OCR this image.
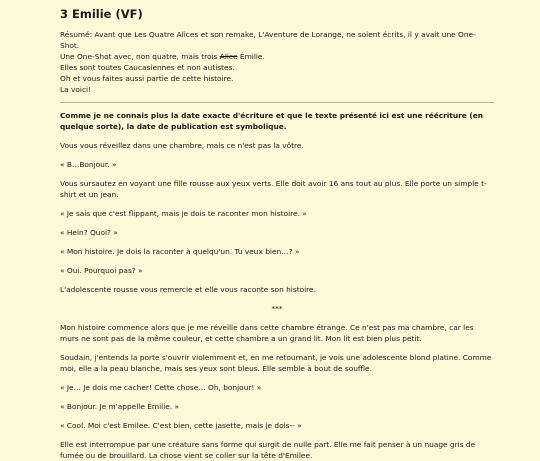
3 Emilie (VF)

Résumé: Avant que Les Quatre Alices et son remake, L'Aventure de Lorange, ne soient écrits, il y avait une One-Shot.

Une One-Shot avec, non quatre, mais trois Alice Émilie.

Elles sont toutes Caucasiennes et non autistes.

Oh et vous faites aussi partie de cette histoire.

La voici!

Comme je ne connais plus la date exacte d'écriture et que le texte présenté ici est une réécriture (en quelque sorte), la date de publication est symbolique.

Vous vous réveillez dans une chambre, mais ce n'est pas la vôtre.

« B…Bonjour. »

Vous sursautez en voyant une fille rousse aux yeux verts. Elle doit avoir 16 ans tout au plus. Elle porte un simple t-shirt et un jean.

« Je sais que c'est flippant, mais je dois te raconter mon histoire. »

« Hein? Quoi? »

« Mon histoire. Je dois la raconter à quelqu'un. Tu veux bien…? »

« Oui. Pourquoi pas? »

L'adolescente rousse vous remercie et elle vous raconte son histoire.

***

Mon histoire commence alors que je me réveille dans cette chambre étrange. Ce n'est pas ma chambre, car les murs ne sont pas de la même couleur, et cette chambre a un grand lit. Mon lit est bien plus petit.

Soudain, j'entends la porte s'ouvrir violemment et, en me retournant, je vois une adolescente blond platine. Comme moi, elle a la peau blanche, mais ses yeux sont bleus. Elle semble à bout de souffle.

« Je… Je dois me cacher! Cette chose… Oh, bonjour! »

« Bonjour. Je m'appelle Émilie. »

« Cool. Moi c'est Emilee. C'est bien, cette jasette, mais je dois-- »

Elle est interrompue par une créature sans forme qui surgit de nulle part. Elle me fait penser à un nuage gris de fumée ou de brouillard. La chose vient se coller sur la tête d'Emilee.
